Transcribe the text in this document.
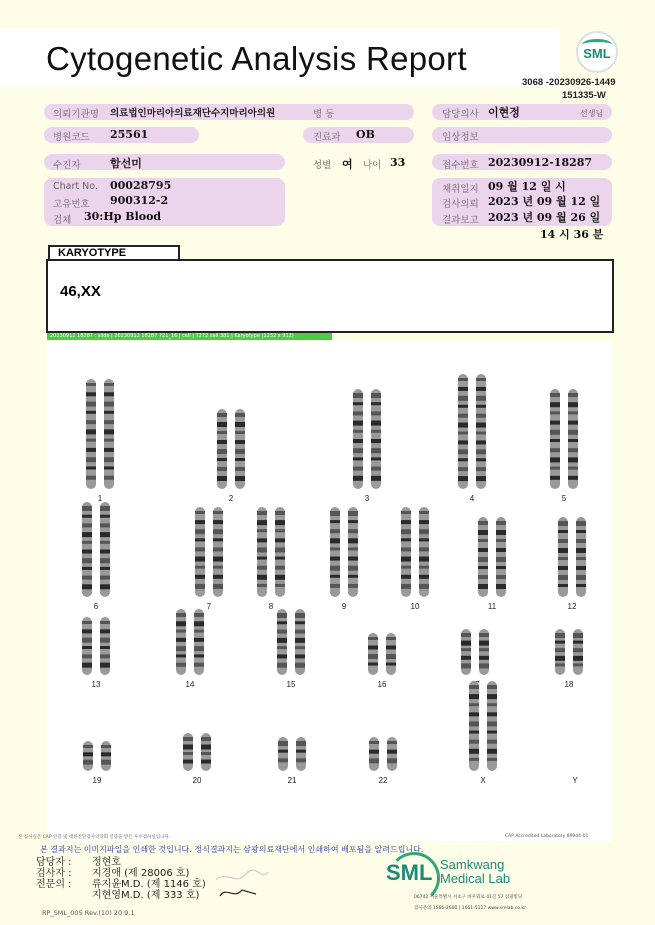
Cytogenetic Analysis Report	SML
3068 -20230926-1449
151335-W
의뢰기관명 의료법인마리아의료재단수지마리아의원	병 동	담당의사 이현정	선생님
병원코드 25561	진료과 OB	임상정보
수진자	함선미	성별 여 나이 33	접수번호 20230912-18287
Chart No. 00028795
고유번호 900312-2
검체 30:Hp Blood
채취일지 09 월 12 일 시
검사의뢰 2023 년 09 월 12 일
결과보고 2023 년 09 월 26 일
14 시 36 분
KARYOTYPE
46,XX
20230912 18287 : slide | 20230912 18287 721_16 | cell | T272 cell 381 | Karyotype (1232 x 912)
1	2	3	4	5
6	7	8	9	10	11	12
13	14	15	16	18
19	20	21	22	X	Y
본 검사실은 CAP 인증 및 대한진단검사의학회 인증을 받은 우수검사실입니다.	CAP Accredited Laboratory 89944-01
본 결과지는 이미지파일을 인쇄한 것입니다. 정식결과지는 삼광의료재단에서 인쇄하여 배포됨을 알려드립니다.
담당자 : 정현호
검사자 : 지경애 (제 28006 호)
전문의 : 류지윤M.D. (제 1146 호)
지현영M.D. (제 333 호)
RP_SML_005 Rev.(10) 20.9.1
SML Samkwang
Medical Lab
06742 서울특별시 서초구 바우뫼로 41길 57 삼광빌딩
검사문의 1566-2600 | 1661-5117 www.smlab.co.kr
